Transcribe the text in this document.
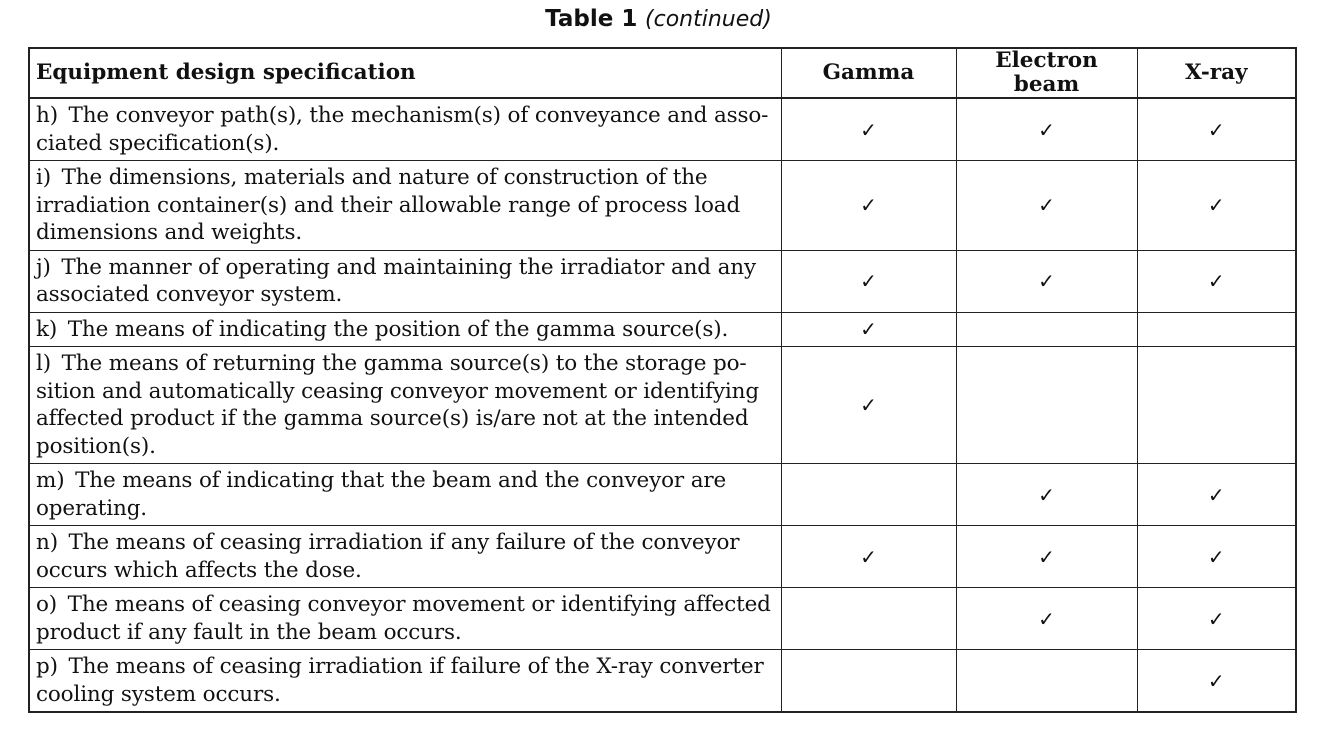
Table 1 (continued)
Equipment design specification	Gamma	Electron beam	X-ray
h) The conveyor path(s), the mechanism(s) of conveyance and asso-ciated specification(s).	✓	✓	✓
i) The dimensions, materials and nature of construction of the irradiation container(s) and their allowable range of process load dimensions and weights.	✓	✓	✓
j) The manner of operating and maintaining the irradiator and any associated conveyor system.	✓	✓	✓
k) The means of indicating the position of the gamma source(s).	✓		
l) The means of returning the gamma source(s) to the storage po-sition and automatically ceasing conveyor movement or identifying affected product if the gamma source(s) is/are not at the intended position(s).	✓		
m) The means of indicating that the beam and the conveyor are operating.		✓	✓
n) The means of ceasing irradiation if any failure of the conveyor occurs which affects the dose.	✓	✓	✓
o) The means of ceasing conveyor movement or identifying affected product if any fault in the beam occurs.		✓	✓
p) The means of ceasing irradiation if failure of the X-ray converter cooling system occurs.			✓
